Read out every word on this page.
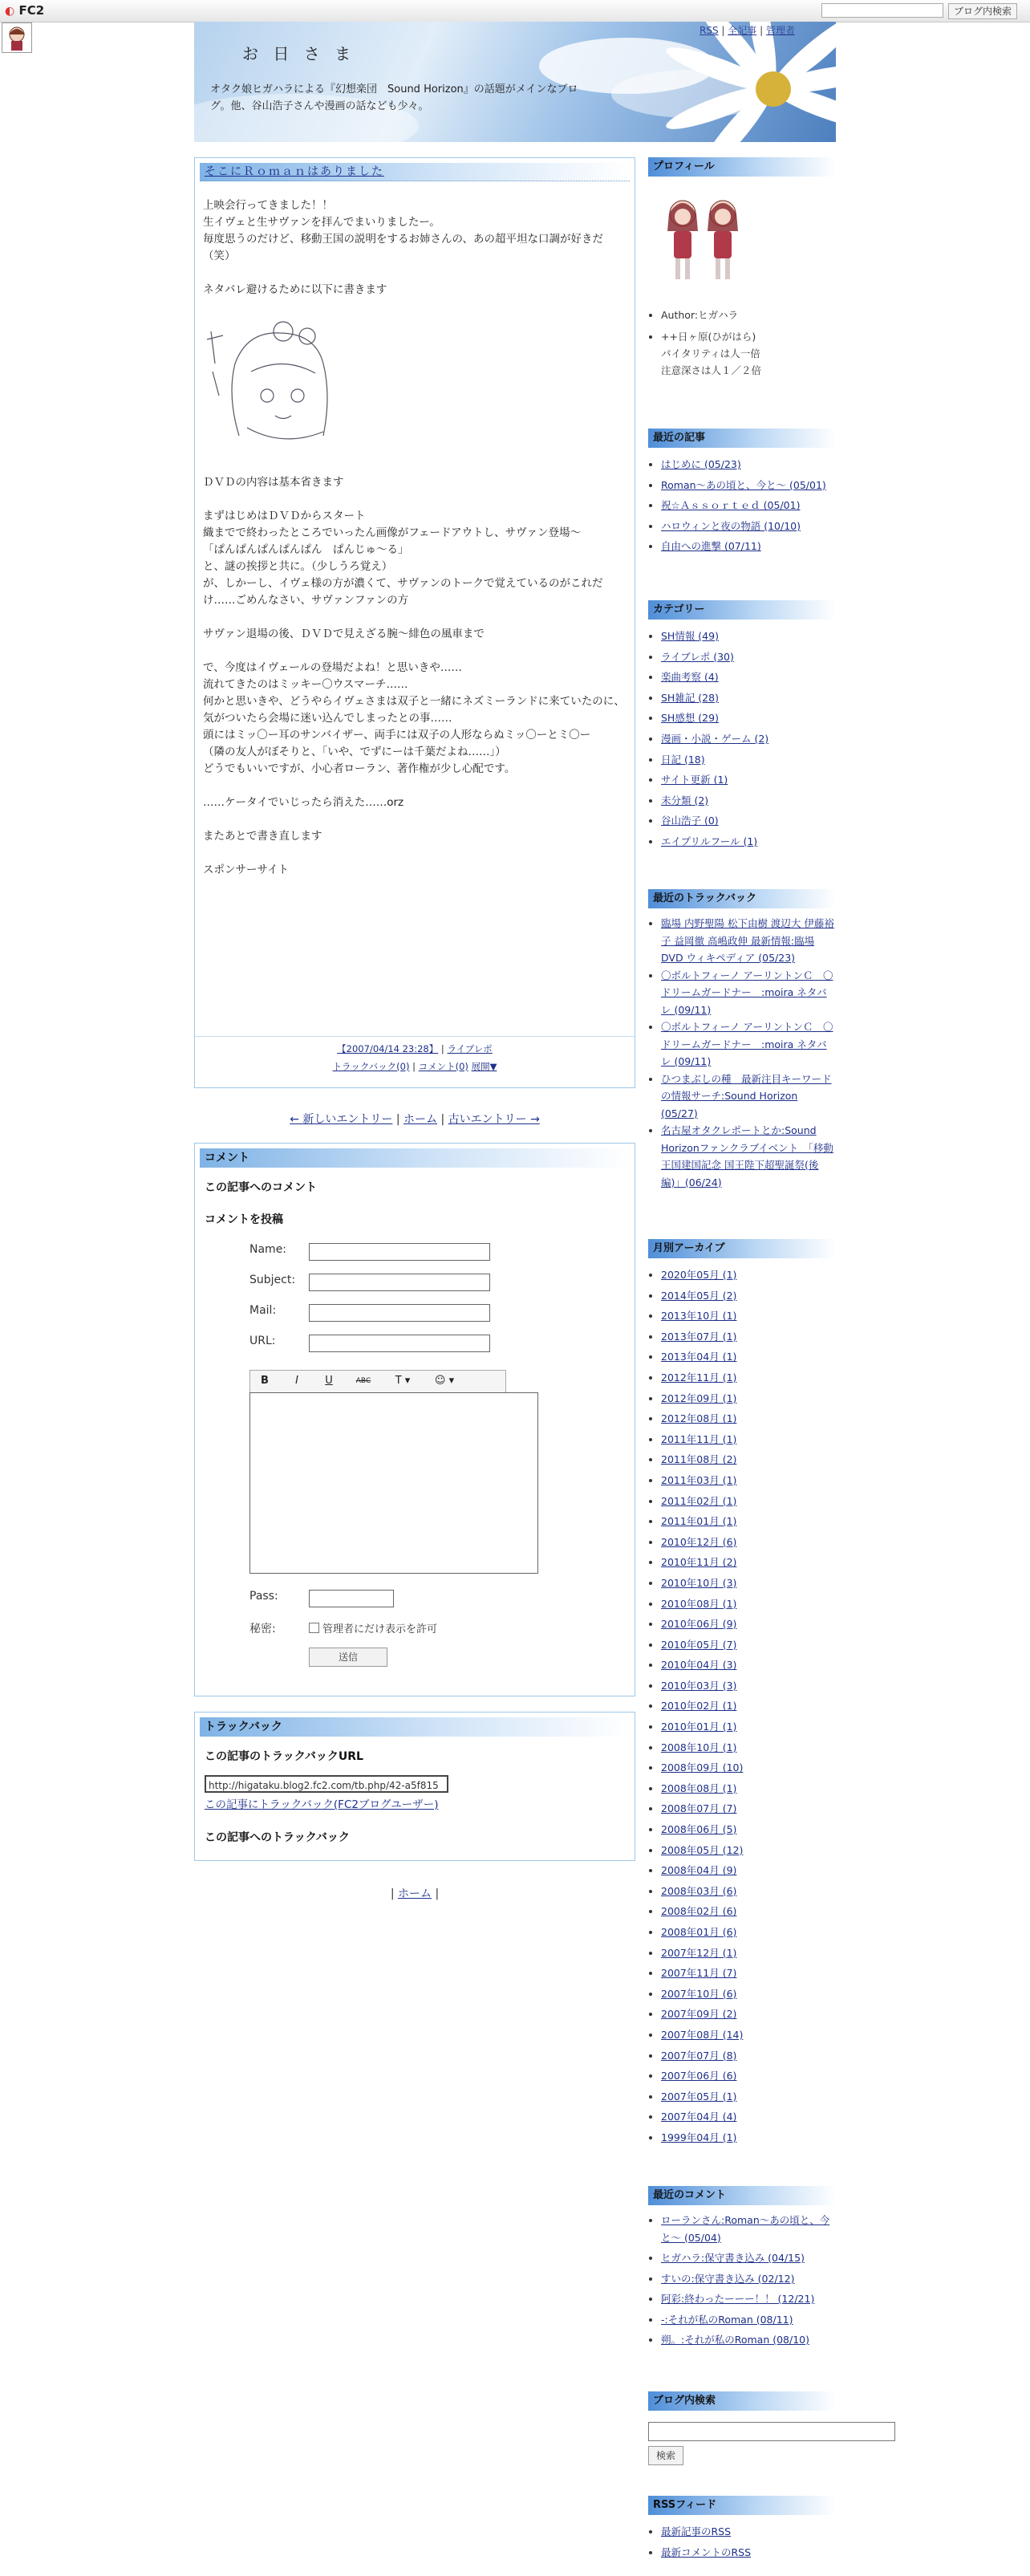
◐ FC2	ブログ内検索
お 日 さ ま
オタク娘ヒガハラによる『幻想楽団　Sound Horizon』の話題がメインなブログ。他、谷山浩子さんや漫画の話なども少々。
RSS | 全記事 | 管理者
そこにＲｏｍａｎはありました

上映会行ってきました！！
生イヴェと生サヴァンを拝んでまいりましたー。
毎度思うのだけど、移動王国の説明をするお姉さんの、あの超平坦な口調が好きだ（笑）

ネタバレ避けるために以下に書きます

ＤＶＤの内容は基本省きます

まずはじめはＤＶＤからスタート
織までで終わったところでいったん画像がフェードアウトし、サヴァン登場〜
「ぱんぱんぱんぱんぱん　ぱんじゅ〜る」
と、謎の挨拶と共に。（少しうろ覚え）
が、しかーし、イヴェ様の方が濃くて、サヴァンのトークで覚えているのがこれだけ……ごめんなさい、サヴァンファンの方

サヴァン退場の後、ＤＶＤで見えざる腕〜緋色の風車まで

で、今度はイヴェールの登場だよね！と思いきや……
流れてきたのはミッキー〇ウスマーチ……
何かと思いきや、どうやらイヴェさまは双子と一緒にネズミーランドに来ていたのに、気がついたら会場に迷い込んでしまったとの事……
頭にはミッ〇ー耳のサンバイザー、両手には双子の人形ならぬミッ〇ーとミ〇ー
（隣の友人がぼそりと、「いや、でずにーは千葉だよね……」）
どうでもいいですが、小心者ローラン、著作権が少し心配です。

……ケータイでいじったら消えた……orz

またあとで書き直します

スポンサーサイト

【2007/04/14 23:28】 | ライブレポ
トラックバック(0) | コメント(0) 展開▼
← 新しいエントリー | ホーム | 古いエントリー →
コメント
この記事へのコメント
コメントを投稿
Name:
Subject:
Mail:
URL:
B	I	U	ABC	T ▾	☺ ▾
Pass:
秘密:	管理者にだけ表示を許可
送信
トラックバック
この記事のトラックバックURL
http://higataku.blog2.fc2.com/tb.php/42-a5f815
この記事にトラックバック(FC2ブログユーザー)
この記事へのトラックバック
| ホーム |
プロフィール
• Author:ヒガハラ
• ++日ヶ原(ひがはら)
バイタリティは人一倍
注意深さは人１／２倍
最近の記事
• はじめに (05/23)
• Roman〜あの頃と、今と〜 (05/01)
• 祝☆Ａｓｓｏｒｔｅｄ (05/01)
• ハロウィンと夜の物語 (10/10)
• 自由への進撃 (07/11)
カテゴリー
• SH情報 (49)
• ライブレポ (30)
• 楽曲考察 (4)
• SH雑記 (28)
• SH感想 (29)
• 漫画・小説・ゲーム (2)
• 日記 (18)
• サイト更新 (1)
• 未分類 (2)
• 谷山浩子 (0)
• エイプリルフール (1)
最近のトラックバック
• 臨場 内野聖陽 松下由樹 渡辺大 伊藤裕子 益岡徹 高嶋政伸 最新情報:臨場DVD ウィキペディア (05/23)
• 〇ボルトフィーノ アーリントンＣ　〇ドリームガードナー　:moira ネタバレ (09/11)
• 〇ボルトフィーノ アーリントンＣ　〇ドリームガードナー　:moira ネタバレ (09/11)
• ひつまぶしの種　最新注目キーワードの情報サーチ:Sound Horizon (05/27)
• 名古屋オタクレポートとか:Sound Horizonファンクラブイベント　「移動王国建国記念 国王陛下超聖誕祭(後編)」(06/24)
月別アーカイブ
• 2020年05月 (1)
• 2014年05月 (2)
• 2013年10月 (1)
• 2013年07月 (1)
• 2013年04月 (1)
• 2012年11月 (1)
• 2012年09月 (1)
• 2012年08月 (1)
• 2011年11月 (1)
• 2011年08月 (2)
• 2011年03月 (1)
• 2011年02月 (1)
• 2011年01月 (1)
• 2010年12月 (6)
• 2010年11月 (2)
• 2010年10月 (3)
• 2010年08月 (1)
• 2010年06月 (9)
• 2010年05月 (7)
• 2010年04月 (3)
• 2010年03月 (3)
• 2010年02月 (1)
• 2010年01月 (1)
• 2008年10月 (1)
• 2008年09月 (10)
• 2008年08月 (1)
• 2008年07月 (7)
• 2008年06月 (5)
• 2008年05月 (12)
• 2008年04月 (9)
• 2008年03月 (6)
• 2008年02月 (6)
• 2008年01月 (6)
• 2007年12月 (1)
• 2007年11月 (7)
• 2007年10月 (6)
• 2007年09月 (2)
• 2007年08月 (14)
• 2007年07月 (8)
• 2007年06月 (6)
• 2007年05月 (1)
• 2007年04月 (4)
• 1999年04月 (1)
最近のコメント
• ローランさん:Roman〜あの頃と、今と〜 (05/04)
• ヒガハラ:保守書き込み (04/15)
• すいの:保守書き込み (02/12)
• 阿彩:終わったーーー！！ (12/21)
• -:それが私のRoman (08/11)
• 朔。:それが私のRoman (08/10)
ブログ内検索
検索
RSSフィード
• 最新記事のRSS
• 最新コメントのRSS
